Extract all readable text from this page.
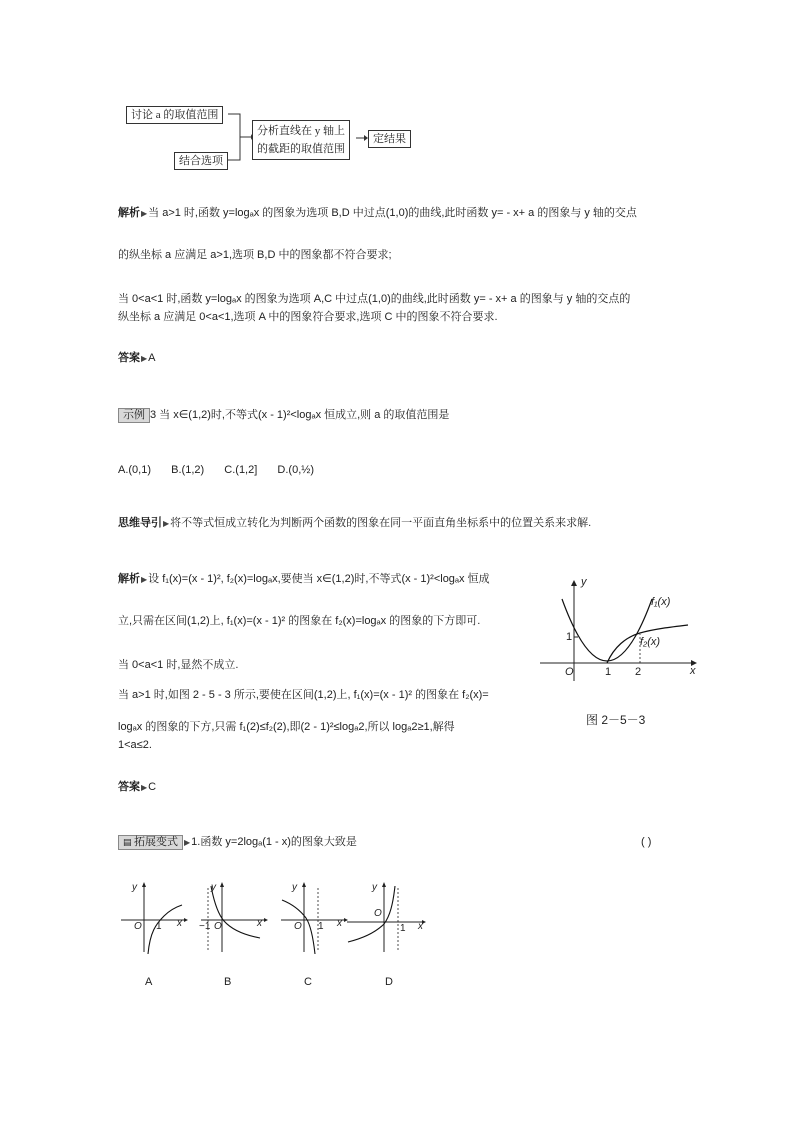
讨论 a 的取值范围
结合选项
分析直线在 y 轴上
的截距的取值范围
定结果
解析▶当 a>1 时,函数 y=logₐx 的图象为选项 B,D 中过点(1,0)的曲线,此时函数 y= - x+ a 的图象与 y 轴的交点
的纵坐标 a 应满足 a>1,选项 B,D 中的图象都不符合要求;
当 0<a<1 时,函数 y=logₐx 的图象为选项 A,C 中过点(1,0)的曲线,此时函数 y= - x+ a 的图象与 y 轴的交点的
纵坐标 a 应满足 0<a<1,选项 A 中的图象符合要求,选项 C 中的图象不符合要求.
答案▶A
示例 3 当 x∈(1,2)时,不等式(x - 1)²<logₐx 恒成立,则 a 的取值范围是
A.(0,1) B.(1,2) C.(1,2] D.(0,½)
思维导引▶将不等式恒成立转化为判断两个函数的图象在同一平面直角坐标系中的位置关系来求解.
解析▶设 f₁(x)=(x - 1)², f₂(x)=logₐx,要使当 x∈(1,2)时,不等式(x - 1)²<logₐx 恒成
立,只需在区间(1,2)上, f₁(x)=(x - 1)² 的图象在 f₂(x)=logₐx 的图象的下方即可.
当 0<a<1 时,显然不成立.
当 a>1 时,如图 2 - 5 - 3 所示,要使在区间(1,2)上, f₁(x)=(x - 1)² 的图象在 f₂(x)=
logₐx 的图象的下方,只需 f₁(2)≤f₂(2),即(2 - 1)²≤logₐ2,所以 logₐ2≥1,解得
1<a≤2.
y
x
O
1
1 2
f₁(x)
f₂(x)
图 2－5－3
答案▶C
▤ 拓展变式 ▶1.函数 y=2logₐ(1 - x)的图象大致是	( )
y
x
O 1
y
x
−1 O
y
x
O 1
y
x
O
1
A	B	C	D
